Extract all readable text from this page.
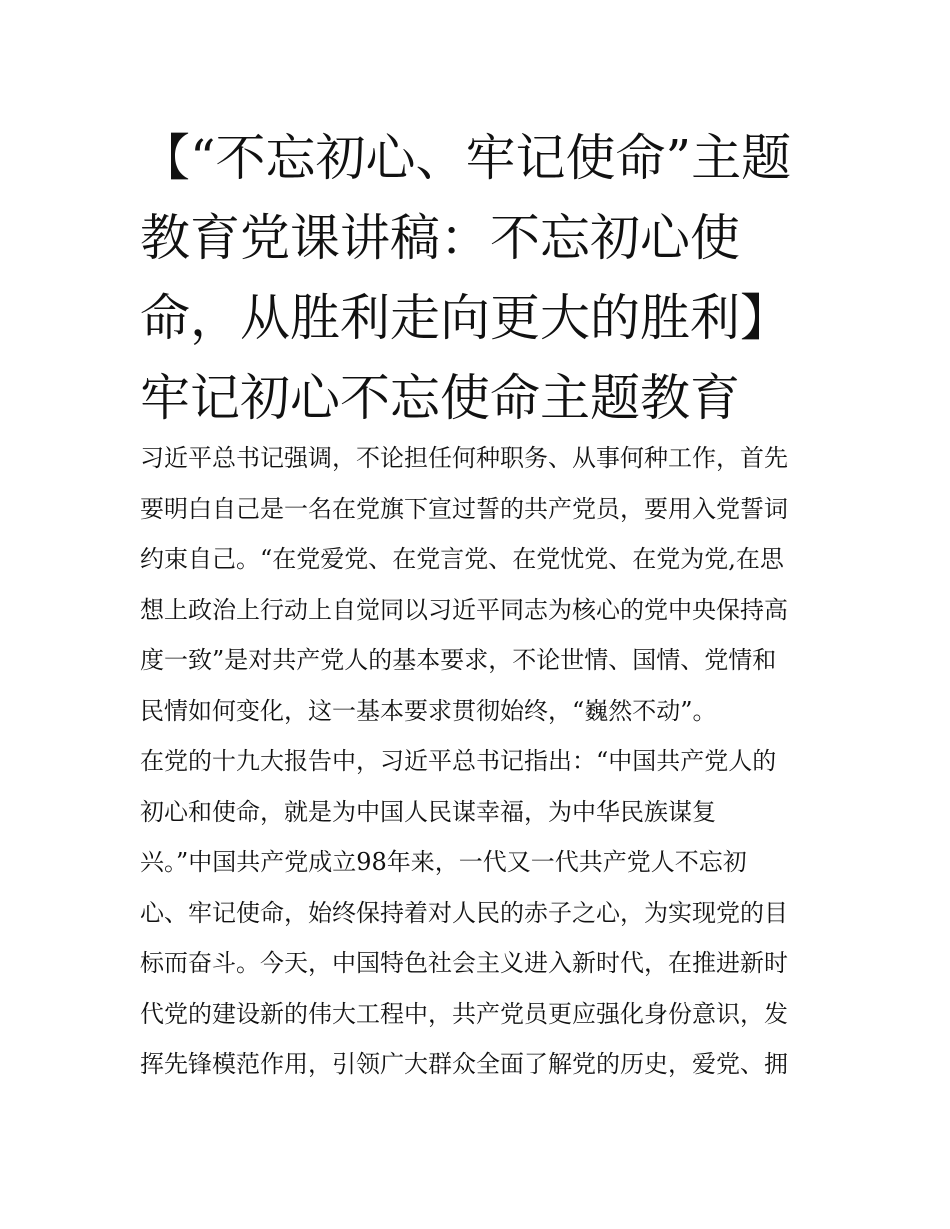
【“不忘初心、牢记使命”主题
教育党课讲稿：不忘初心使
命，从胜利走向更大的胜利】
牢记初心不忘使命主题教育
习近平总书记强调，不论担任何种职务、从事何种工作，首先
要明白自己是一名在党旗下宣过誓的共产党员，要用入党誓词
约束自己。“在党爱党、在党言党、在党忧党、在党为党,在思
想上政治上行动上自觉同以习近平同志为核心的党中央保持高
度一致”是对共产党人的基本要求，不论世情、国情、党情和
民情如何变化，这一基本要求贯彻始终，“巍然不动”。
在党的十九大报告中，习近平总书记指出：“中国共产党人的
初心和使命，就是为中国人民谋幸福，为中华民族谋复
兴。”中国共产党成立98年来，一代又一代共产党人不忘初
心、牢记使命，始终保持着对人民的赤子之心，为实现党的目
标而奋斗。今天，中国特色社会主义进入新时代，在推进新时
代党的建设新的伟大工程中，共产党员更应强化身份意识，发
挥先锋模范作用，引领广大群众全面了解党的历史，爱党、拥
